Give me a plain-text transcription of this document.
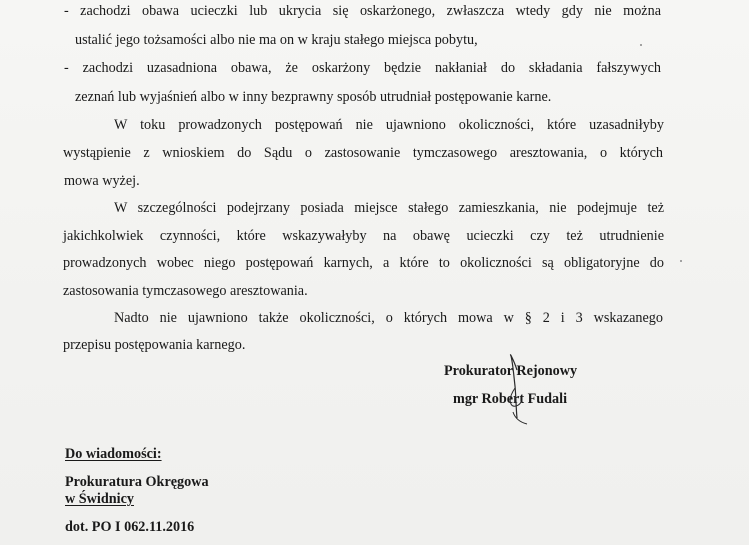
- zachodzi obawa ucieczki lub ukrycia się oskarżonego, zwłaszcza wtedy gdy nie można
ustalić jego tożsamości albo nie ma on w kraju stałego miejsca pobytu,
- zachodzi uzasadniona obawa, że oskarżony będzie nakłaniał do składania fałszywych
zeznań lub wyjaśnień albo w inny bezprawny sposób utrudniał postępowanie karne.
W toku prowadzonych postępowań nie ujawniono okoliczności, które uzasadniłyby
wystąpienie z wnioskiem do Sądu o zastosowanie tymczasowego aresztowania, o których
mowa wyżej.
W szczególności podejrzany posiada miejsce stałego zamieszkania, nie podejmuje też
jakichkolwiek czynności, które wskazywałyby na obawę ucieczki czy też utrudnienie
prowadzonych wobec niego postępowań karnych, a które to okoliczności są obligatoryjne do
zastosowania tymczasowego aresztowania.
Nadto nie ujawniono także okoliczności, o których mowa w § 2 i 3 wskazanego
przepisu postępowania karnego.
Prokurator Rejonowy
mgr Robert Fudali
Do wiadomości:
Prokuratura Okręgowa
w Świdnicy
dot. PO I 062.11.2016
